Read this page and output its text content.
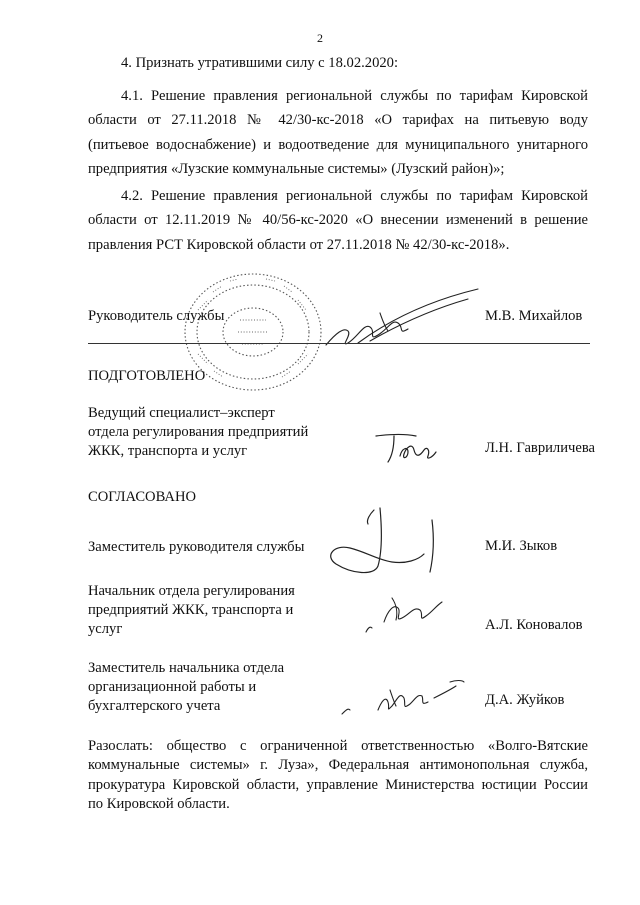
2
4. Признать утратившими силу с 18.02.2020:
4.1. Решение правления региональной службы по тарифам Кировской
области от 27.11.2018 № 42/30-кс-2018 «О тарифах на питьевую воду
(питьевое водоснабжение) и водоотведение для муниципального унитарного
предприятия «Лузские коммунальные системы» (Лузский район)»;
4.2. Решение правления региональной службы по тарифам Кировской
области от 12.11.2019 № 40/56-кс-2020 «О внесении изменений в решение
правления РСТ Кировской области от 27.11.2018 № 42/30-кс-2018».
Руководитель службы	М.В. Михайлов
ПОДГОТОВЛЕНО
Ведущий специалист–эксперт
отдела регулирования предприятий
ЖКК, транспорта и услуг	Л.Н. Гавриличева
СОГЛАСОВАНО
Заместитель руководителя службы	М.И. Зыков
Начальник отдела регулирования
предприятий ЖКК, транспорта и
услуг	А.Л. Коновалов
Заместитель начальника отдела
организационной работы и
бухгалтерского учета	Д.А. Жуйков
Разослать: общество с ограниченной ответственностью «Волго-Вятские
коммунальные системы» г. Луза», Федеральная антимонопольная служба,
прокуратура Кировской области, управление Министерства юстиции России
по Кировской области.
